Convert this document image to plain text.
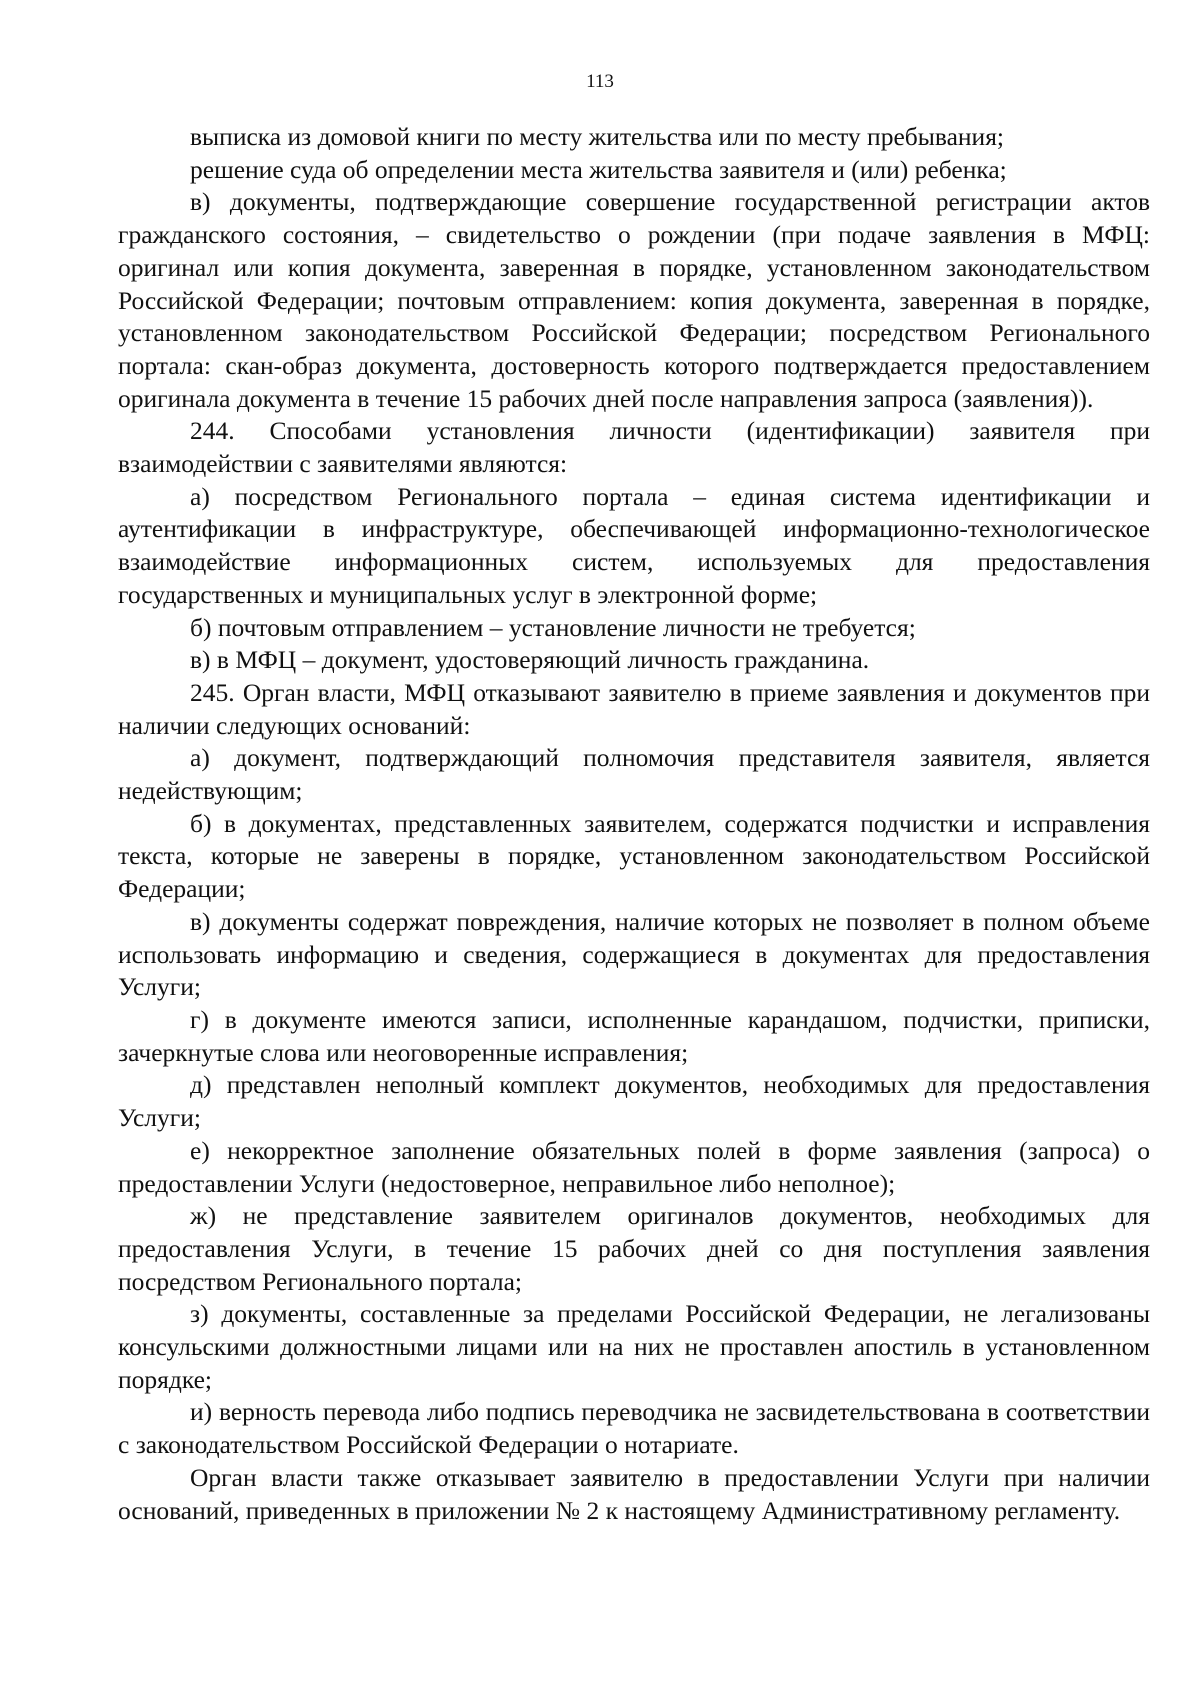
113

выписка из домовой книги по месту жительства или по месту пребывания;

решение суда об определении места жительства заявителя и (или) ребенка;

в) документы, подтверждающие совершение государственной регистрации актов гражданского состояния, – свидетельство о рождении (при подаче заявления в МФЦ: оригинал или копия документа, заверенная в порядке, установленном законодательством Российской Федерации; почтовым отправлением: копия документа, заверенная в порядке, установленном законодательством Российской Федерации; посредством Регионального портала: скан-образ документа, достоверность которого подтверждается предоставлением оригинала документа в течение 15 рабочих дней после направления запроса (заявления)).

244. Способами установления личности (идентификации) заявителя при взаимодействии с заявителями являются:

а) посредством Регионального портала – единая система идентификации и аутентификации в инфраструктуре, обеспечивающей информационно-технологическое взаимодействие информационных систем, используемых для предоставления государственных и муниципальных услуг в электронной форме;

б) почтовым отправлением – установление личности не требуется;

в) в МФЦ – документ, удостоверяющий личность гражданина.

245. Орган власти, МФЦ отказывают заявителю в приеме заявления и документов при наличии следующих оснований:

а) документ, подтверждающий полномочия представителя заявителя, является недействующим;

б) в документах, представленных заявителем, содержатся подчистки и исправления текста, которые не заверены в порядке, установленном законодательством Российской Федерации;

в) документы содержат повреждения, наличие которых не позволяет в полном объеме использовать информацию и сведения, содержащиеся в документах для предоставления Услуги;

г) в документе имеются записи, исполненные карандашом, подчистки, приписки, зачеркнутые слова или неоговоренные исправления;

д) представлен неполный комплект документов, необходимых для предоставления Услуги;

е) некорректное заполнение обязательных полей в форме заявления (запроса) о предоставлении Услуги (недостоверное, неправильное либо неполное);

ж) не представление заявителем оригиналов документов, необходимых для предоставления Услуги, в течение 15 рабочих дней со дня поступления заявления посредством Регионального портала;

з) документы, составленные за пределами Российской Федерации, не легализованы консульскими должностными лицами или на них не проставлен апостиль в установленном порядке;

и) верность перевода либо подпись переводчика не засвидетельствована в соответствии с законодательством Российской Федерации о нотариате.

Орган власти также отказывает заявителю в предоставлении Услуги при наличии оснований, приведенных в приложении № 2 к настоящему Административному регламенту.
